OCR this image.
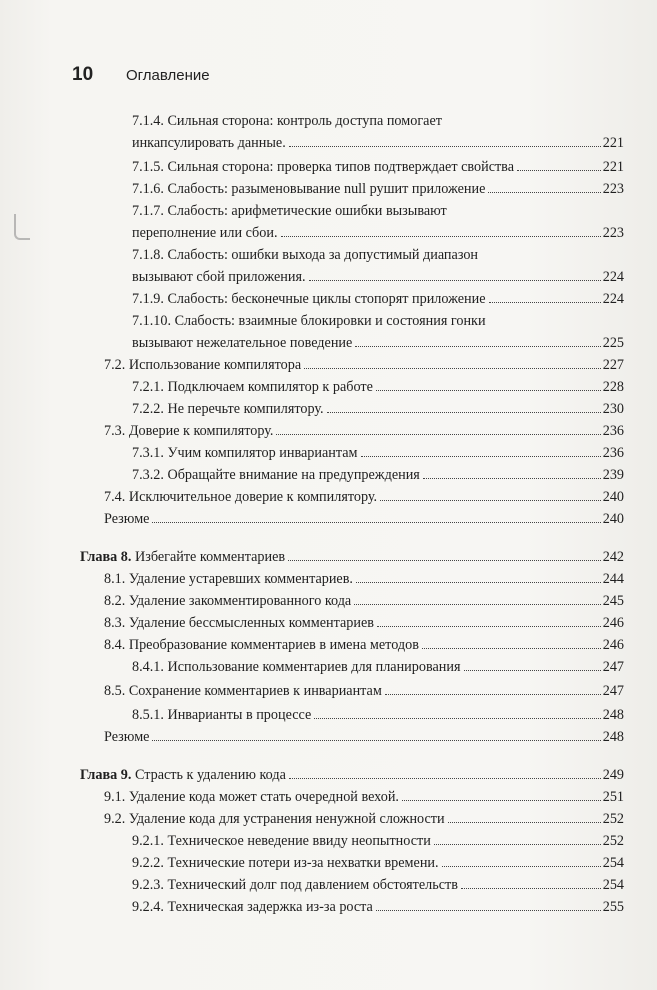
10	Оглавление
7.1.4. Сильная сторона: контроль доступа помогает
инкапсулировать данные.	221
7.1.5. Сильная сторона: проверка типов подтверждает свойства	221
7.1.6. Слабость: разыменовывание null рушит приложение	223
7.1.7. Слабость: арифметические ошибки вызывают
переполнение или сбои.	223
7.1.8. Слабость: ошибки выхода за допустимый диапазон
вызывают сбой приложения.	224
7.1.9. Слабость: бесконечные циклы стопорят приложение	224
7.1.10. Слабость: взаимные блокировки и состояния гонки
вызывают нежелательное поведение	225
7.2. Использование компилятора	227
7.2.1. Подключаем компилятор к работе	228
7.2.2. Не перечьте компилятору.	230
7.3. Доверие к компилятору.	236
7.3.1. Учим компилятор инвариантам	236
7.3.2. Обращайте внимание на предупреждения	239
7.4. Исключительное доверие к компилятору.	240
Резюме	240
Глава 8. Избегайте комментариев	242
8.1. Удаление устаревших комментариев.	244
8.2. Удаление закомментированного кода	245
8.3. Удаление бессмысленных комментариев	246
8.4. Преобразование комментариев в имена методов	246
8.4.1. Использование комментариев для планирования	247
8.5. Сохранение комментариев к инвариантам	247
8.5.1. Инварианты в процессе	248
Резюме	248
Глава 9. Страсть к удалению кода	249
9.1. Удаление кода может стать очередной вехой.	251
9.2. Удаление кода для устранения ненужной сложности	252
9.2.1. Техническое неведение ввиду неопытности	252
9.2.2. Технические потери из-за нехватки времени.	254
9.2.3. Технический долг под давлением обстоятельств	254
9.2.4. Техническая задержка из-за роста	255
